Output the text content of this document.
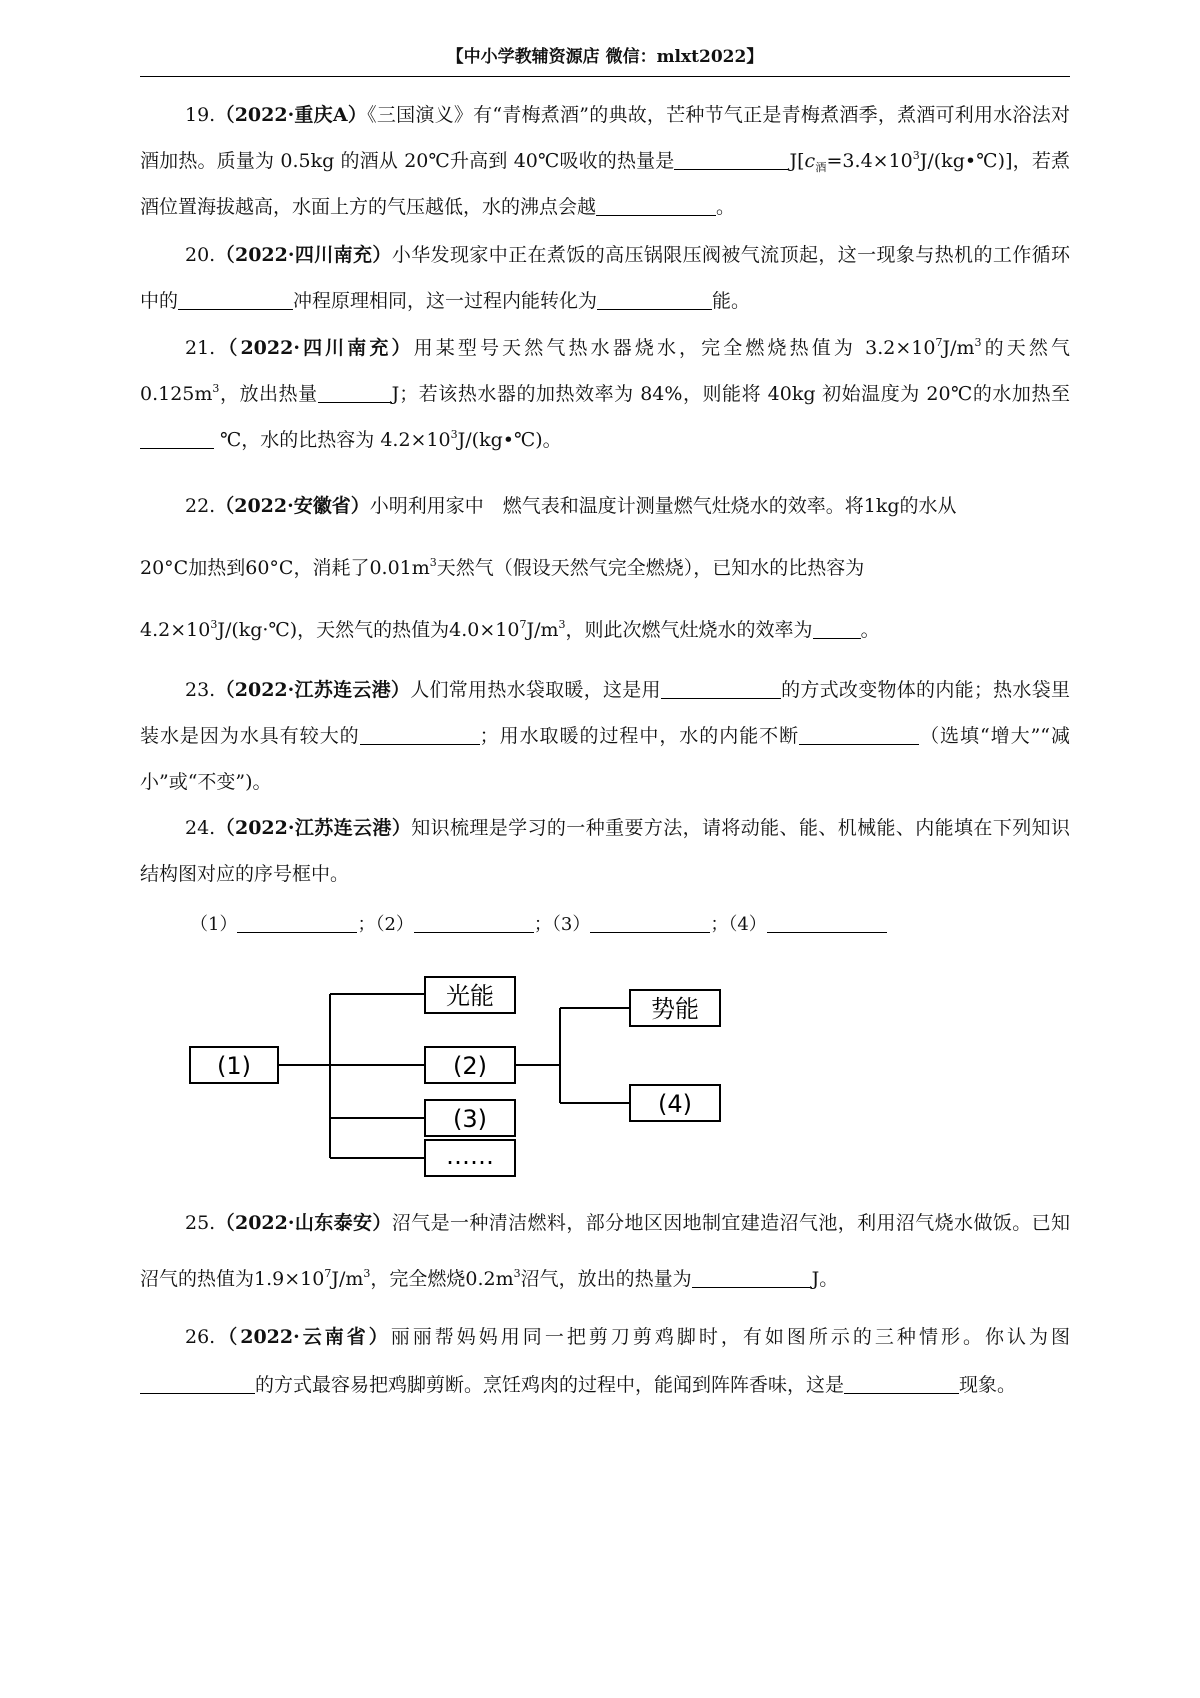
【中小学教辅资源店 微信：mlxt2022】

19.（2022·重庆A）《三国演义》有“青梅煮酒”的典故，芒种节气正是青梅煮酒季，煮酒可利用水浴法对酒加热。质量为 0.5kg 的酒从 20℃升高到 40℃吸收的热量是	$J[c_酒=3.4\times 10^3J/(kg•℃)]$，若煮酒位置海拔越高，水面上方的气压越低，水的沸点会越	。

20.（2022·四川南充）小华发现家中正在煮饭的高压锅限压阀被气流顶起，这一现象与热机的工作循环中的	冲程原理相同，这一过程内能转化为	能。

21.（2022·四川南充）用某型号天然气热水器烧水，完全燃烧热值为 $3.2\times 10^7J/m^3$的天然气 $0.125m^3$，放出热量	J；若该热水器的加热效率为 84%，则能将 40kg 初始温度为 20℃的水加热至 ℃，水的比热容为 $4.2\times 10^3J/(kg•℃)$。

22.（2022·安徽省）小明利用家中　燃气表和温度计测量燃气灶烧水的效率。将1kg的水从
20°C加热到60°C，消耗了$0.01m^3$天然气（假设天然气完全燃烧），已知水的比热容为
$4.2\times 10^3J/(kg\cdot℃)$，天然气的热值为$4.0\times 10^7J/m^3$，则此次燃气灶烧水的效率为	。

23.（2022·江苏连云港）人们常用热水袋取暖，这是用	的方式改变物体的内能；热水袋里装水是因为水具有较大的	；用水取暖的过程中，水的内能不断	（选填“增大”“减小”或“不变”)。

24.（2022·江苏连云港）知识梳理是学习的一种重要方法，请将动能、能、机械能、内能填在下列知识结构图对应的序号框中。

（1）	；（2）	；（3）	；（4）
(1)
光能
(2)
(3)
……
势能
(4)

25.（2022·山东泰安）沼气是一种清洁燃料，部分地区因地制宜建造沼气池，利用沼气烧水做饭。已知沼气的热值为$1.9\times 10^7J/m^3$，完全燃烧$0.2m^3$沼气，放出的热量为	J。

26.（2022·云南省）丽丽帮妈妈用同一把剪刀剪鸡脚时，有如图所示的三种情形。你认为图的方式最容易把鸡脚剪断。烹饪鸡肉的过程中，能闻到阵阵香味，这是	现象。
